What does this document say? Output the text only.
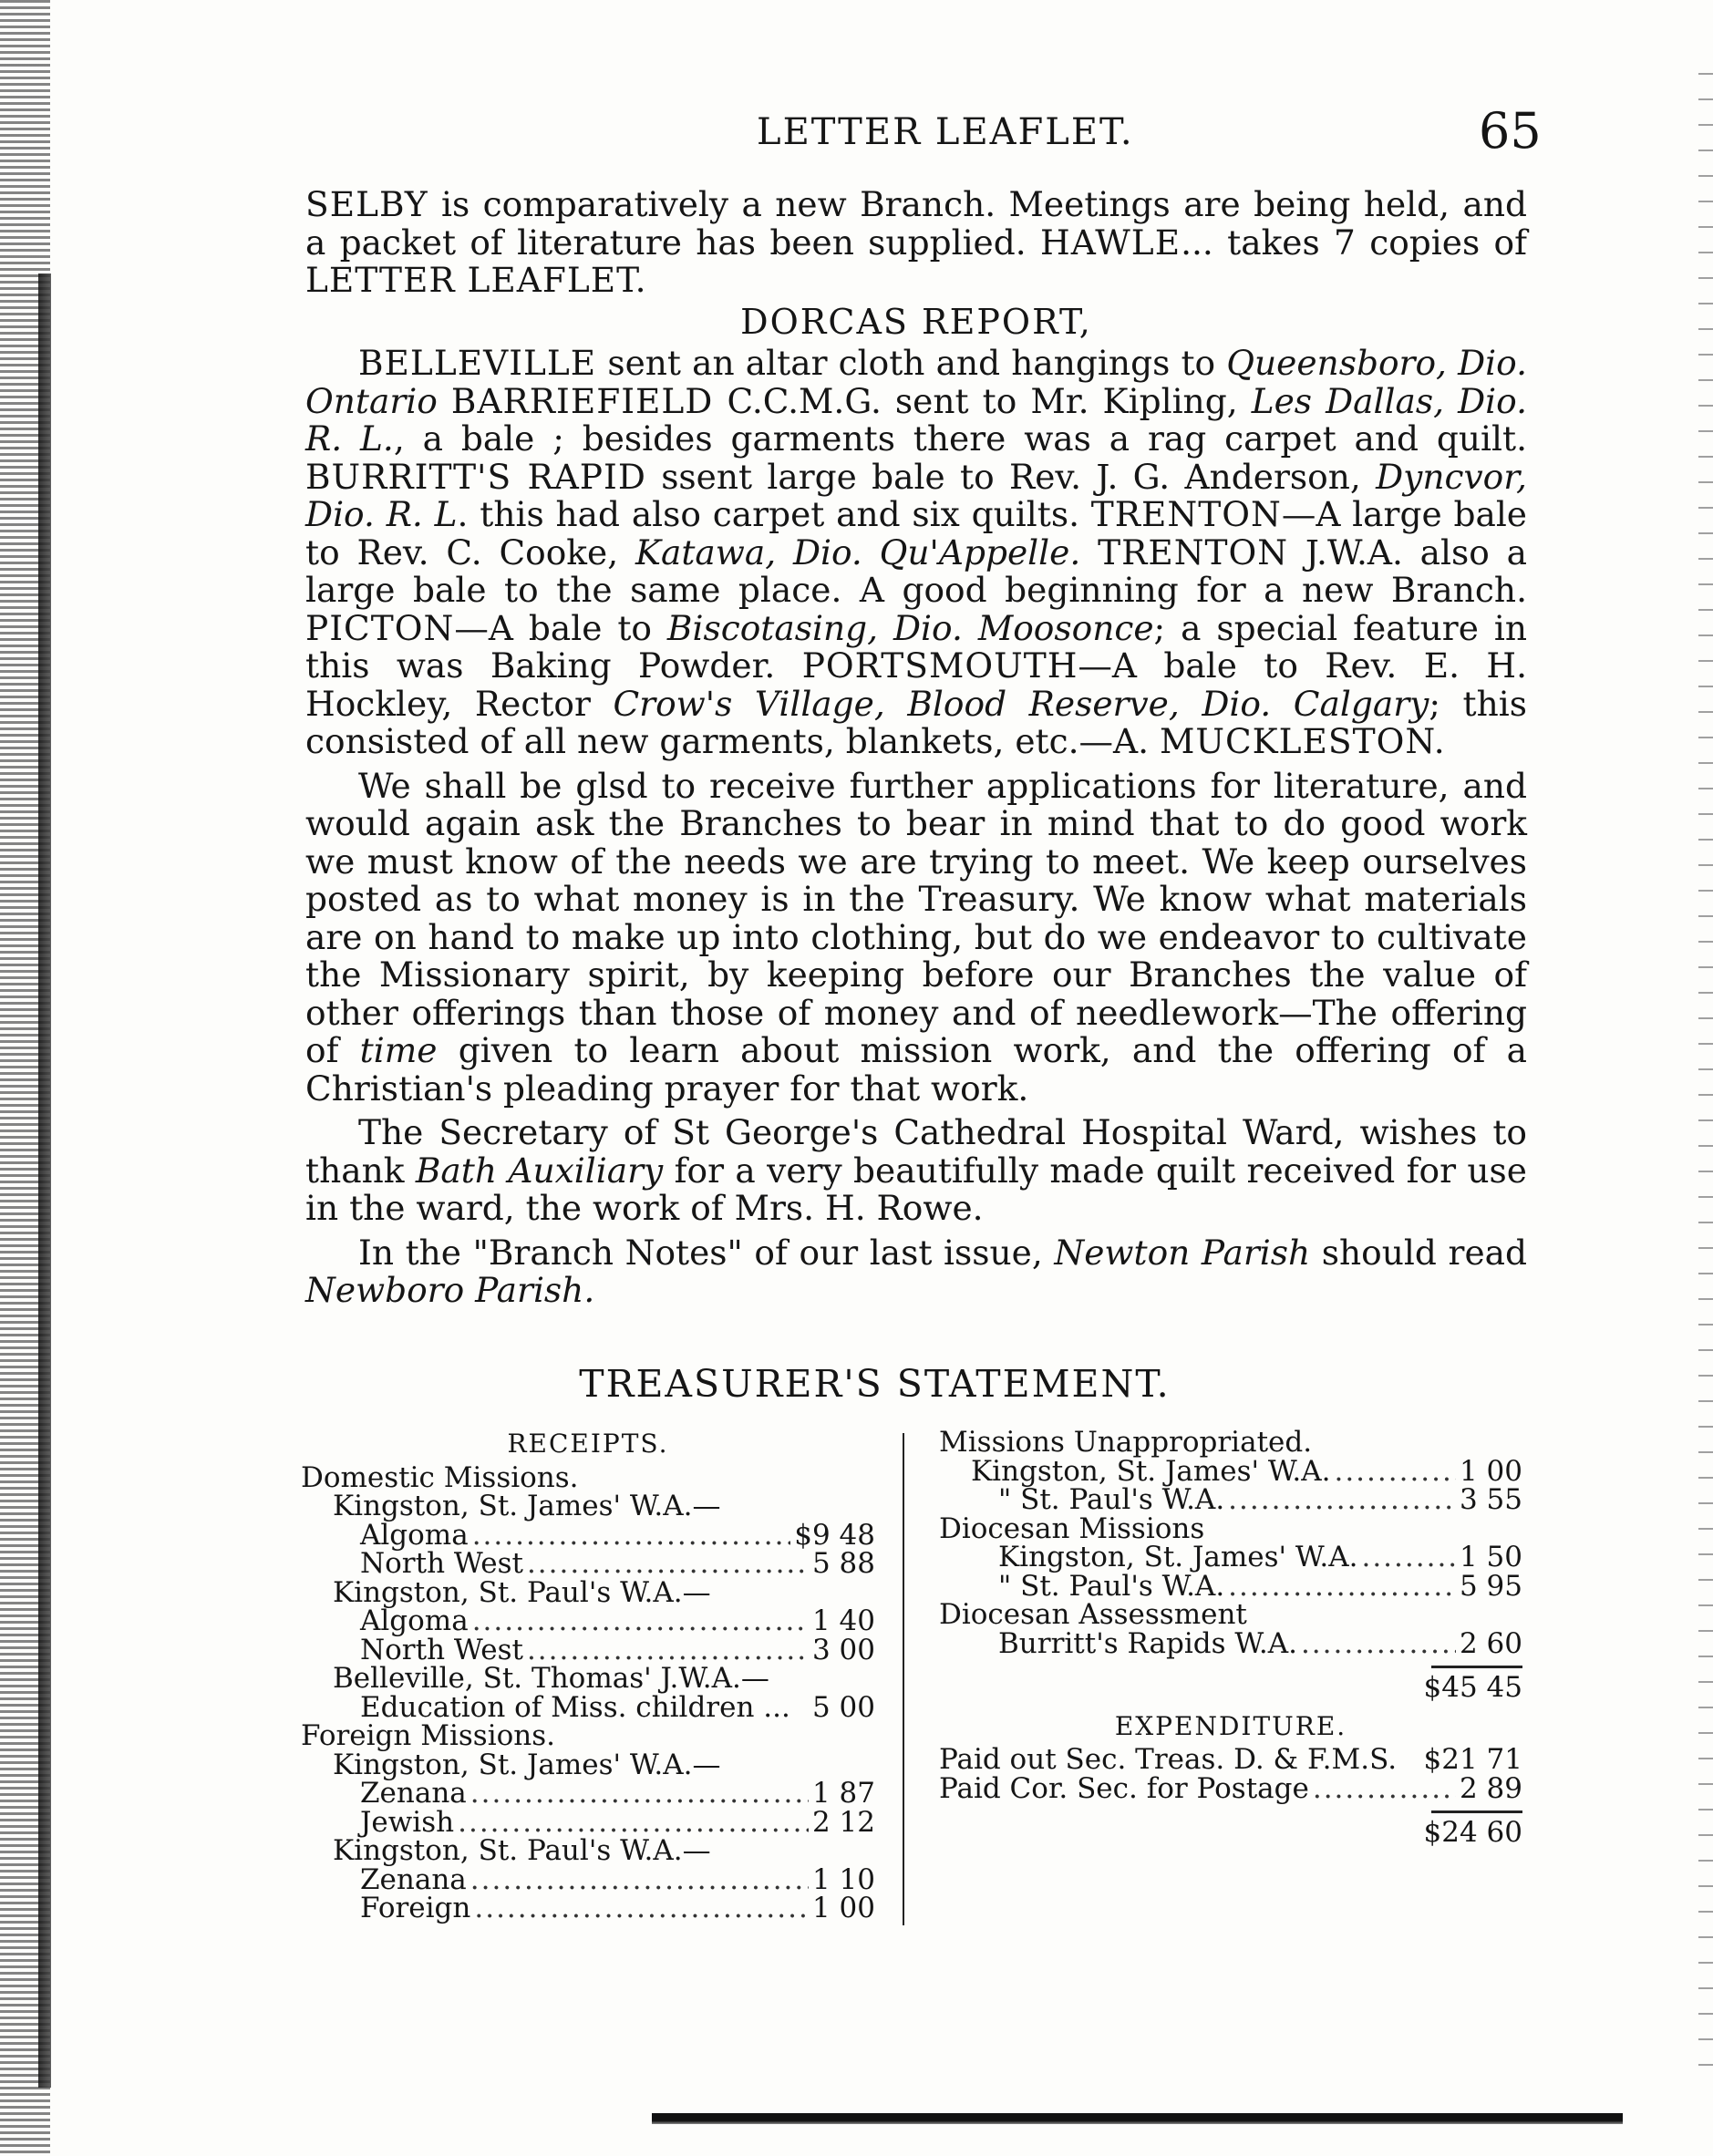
LETTER LEAFLET.	65

SELBY is comparatively a new Branch. Meetings are being held, and a packet of literature has been supplied. HAWLE... takes 7 copies of LETTER LEAFLET.

DORCAS REPORT,

BELLEVILLE sent an altar cloth and hangings to Queensboro, Dio. Ontario BARRIEFIELD C.C.M.G. sent to Mr. Kipling, Les Dallas, Dio. R. L., a bale ; besides garments there was a rag carpet and quilt. BURRITT'S RAPID ssent large bale to Rev. J. G. Anderson, Dyncvor, Dio. R. L. this had also carpet and six quilts. TRENTON—A large bale to Rev. C. Cooke, Katawa, Dio. Qu'Appelle. TRENTON J.W.A. also a large bale to the same place. A good beginning for a new Branch. PICTON—A bale to Biscotasing, Dio. Moosonce; a special feature in this was Baking Powder. PORTSMOUTH—A bale to Rev. E. H. Hockley, Rector Crow's Village, Blood Reserve, Dio. Calgary; this consisted of all new garments, blankets, etc.—A. MUCKLESTON.

We shall be glsd to receive further applications for literature, and would again ask the Branches to bear in mind that to do good work we must know of the needs we are trying to meet. We keep ourselves posted as to what money is in the Treasury. We know what materials are on hand to make up into clothing, but do we endeavor to cultivate the Missionary spirit, by keeping before our Branches the value of other offerings than those of money and of needlework—The offering of time given to learn about mission work, and the offering of a Christian's pleading prayer for that work.

The Secretary of St George's Cathedral Hospital Ward, wishes to thank Bath Auxiliary for a very beautifully made quilt received for use in the ward, the work of Mrs. H. Rowe.

In the "Branch Notes" of our last issue, Newton Parish should read Newboro Parish.

TREASURER'S STATEMENT.
RECEIPTS.
Domestic Missions.
Kingston, St. James' W.A.—
Algoma .....	$9 48
North West .....	5 88
Kingston, St. Paul's W.A.—
Algoma .....	1 40
North West .....	3 00
Belleville, St. Thomas' J.W.A.—
Education of Miss. children ... 5 00
Foreign Missions.
Kingston, St. James' W.A.—
Zenana .....	1 87
Jewish .....	2 12
Kingston, St. Paul's W.A.—
Zenana .....	1 10
Foreign .....	1 00
Missions Unappropriated.
Kingston, St. James' W.A. .....	1 00
" St. Paul's W.A. .....	3 55
Diocesan Missions
Kingston, St. James' W.A. .....	1 50
" St. Paul's W.A. .....	5 95
Diocesan Assessment
Burritt's Rapids W.A. .....	2 60
$45 45
EXPENDITURE.
Paid out Sec. Treas. D. & F.M.S. $21 71
Paid Cor. Sec. for Postage .....	2 89
$24 60
